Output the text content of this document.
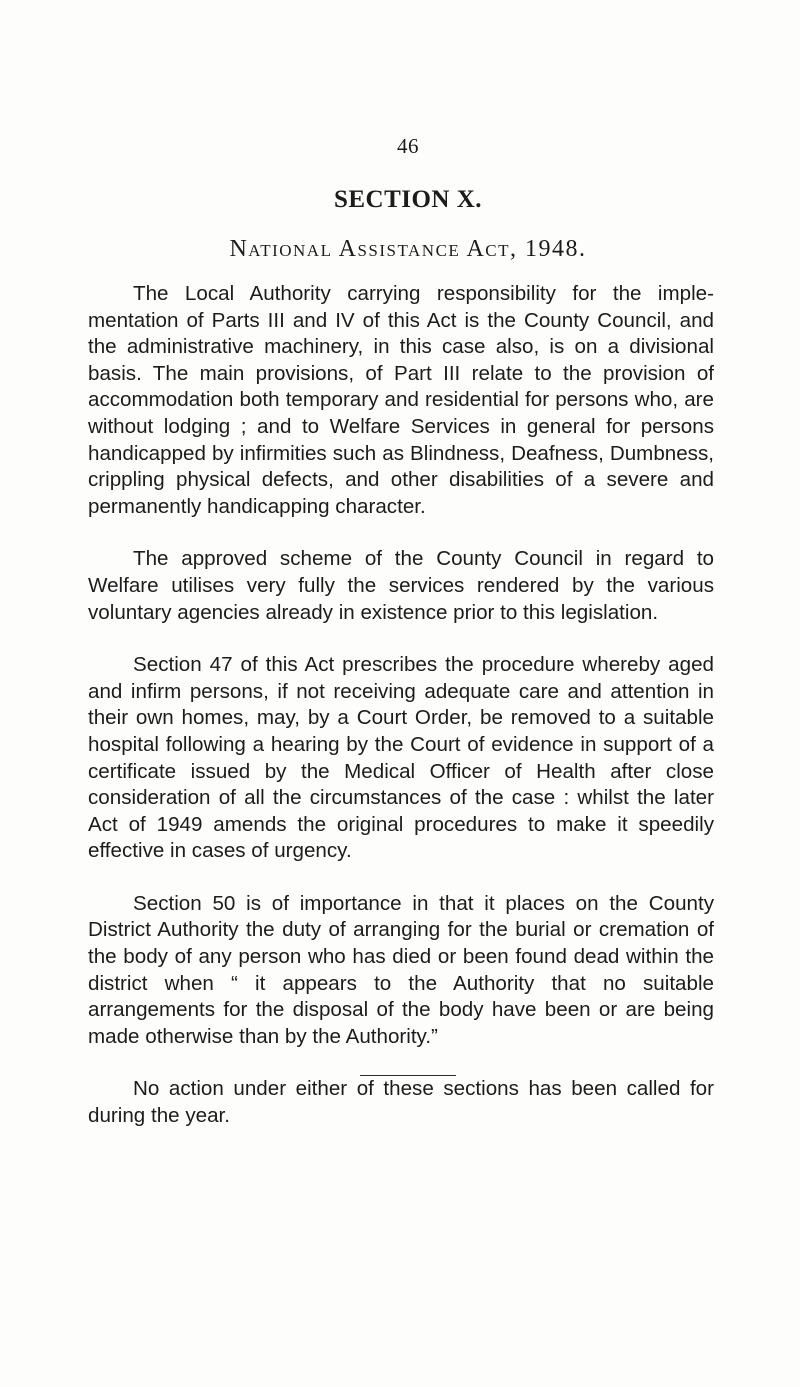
46
SECTION X.
National Assistance Act, 1948.

The Local Authority carrying responsibility for the imple-mentation of Parts III and IV of this Act is the County Council, and the administrative machinery, in this case also, is on a divisional basis. The main provisions, of Part III relate to the provision of accommodation both temporary and residential for persons who, are without lodging ; and to Welfare Services in general for persons handicapped by infirmities such as Blindness, Deafness, Dumbness, crippling physical defects, and other disabilities of a severe and permanently handicapping character.

The approved scheme of the County Council in regard to Welfare utilises very fully the services rendered by the various voluntary agencies already in existence prior to this legislation.

Section 47 of this Act prescribes the procedure whereby aged and infirm persons, if not receiving adequate care and attention in their own homes, may, by a Court Order, be removed to a suitable hospital following a hearing by the Court of evidence in support of a certificate issued by the Medical Officer of Health after close consideration of all the circumstances of the case : whilst the later Act of 1949 amends the original procedures to make it speedily effective in cases of urgency.

Section 50 is of importance in that it places on the County District Authority the duty of arranging for the burial or cremation of the body of any person who has died or been found dead within the district when “ it appears to the Authority that no suitable arrangements for the disposal of the body have been or are being made otherwise than by the Authority.”

No action under either of these sections has been called for during the year.
